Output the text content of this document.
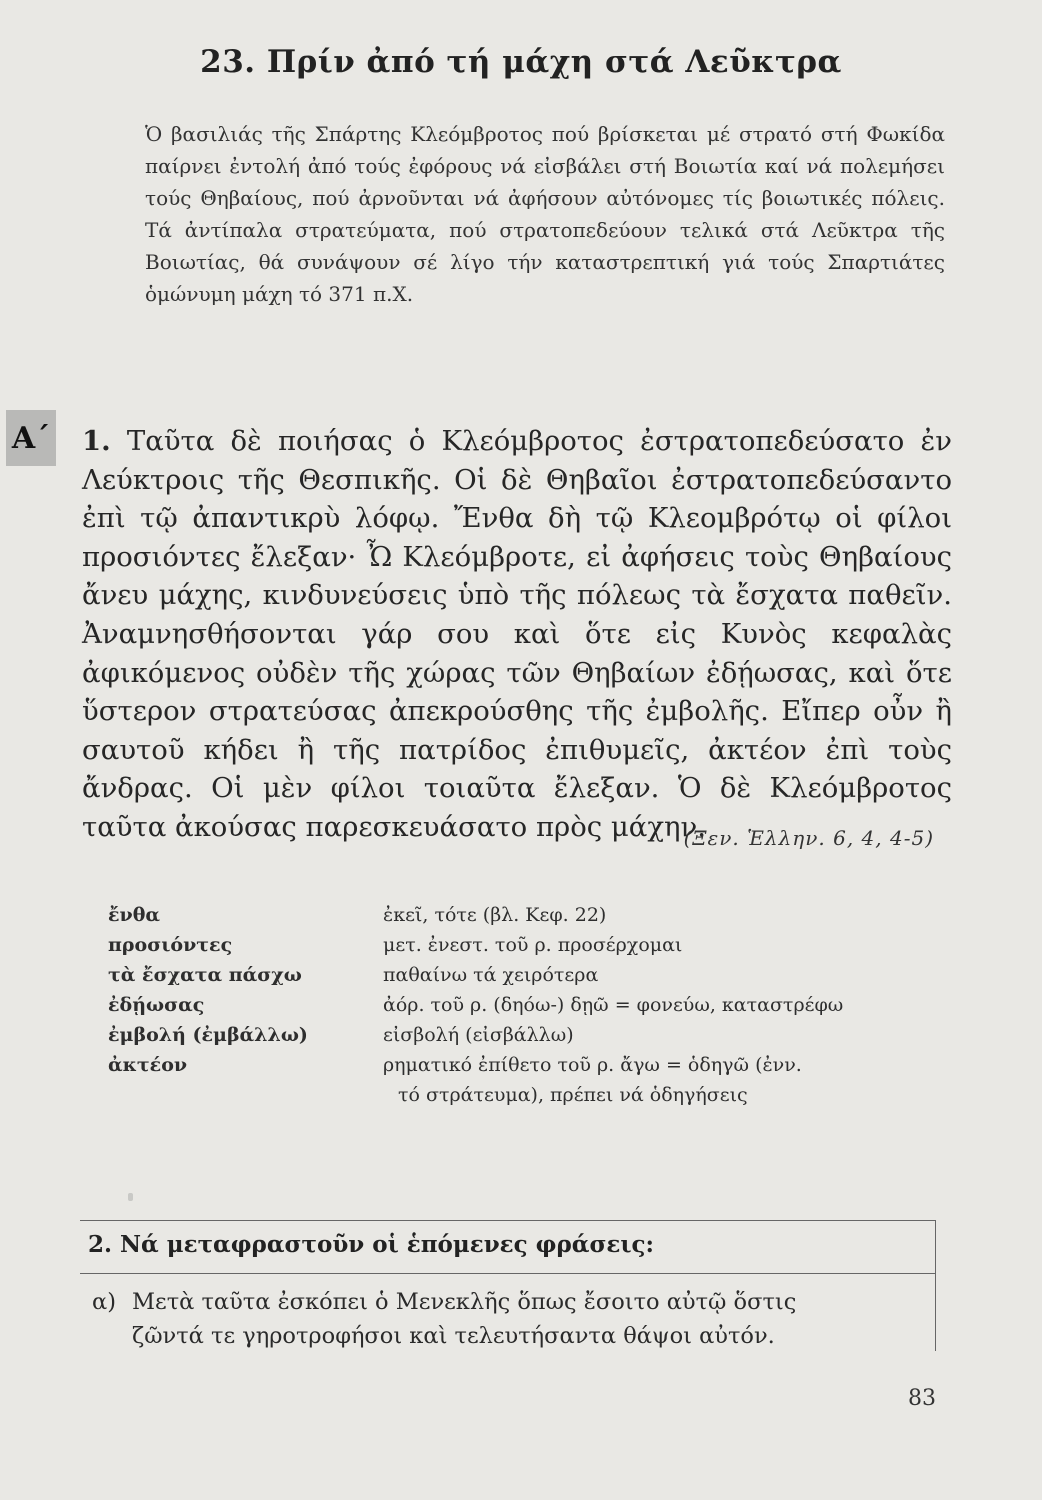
23. Πρίν ἀπό τή μάχη στά Λεῦκτρα

Ὁ βασιλιάς τῆς Σπάρτης Κλεόμβροτος πού βρίσκεται μέ στρατό στή Φωκίδα παίρνει ἐντολή ἀπό τούς ἐφόρους νά εἰσβάλει στή Βοιωτία καί νά πολεμήσει τούς Θηβαίους, πού ἀρνοῦνται νά ἀφήσουν αὐτόνομες τίς βοιωτικές πόλεις. Τά ἀντίπαλα στρατεύματα, πού στρατοπεδεύουν τελικά στά Λεῦκτρα τῆς Βοιωτίας, θά συνάψουν σέ λίγο τήν καταστρεπτική γιά τούς Σπαρτιάτες ὁμώνυμη μάχη τό 371 π.Χ.

Α΄ 1. Ταῦτα δὲ ποιήσας ὁ Κλεόμβροτος ἐστρατοπεδεύσατο ἐν Λεύκτροις τῆς Θεσπικῆς. Οἱ δὲ Θηβαῖοι ἐστρατοπεδεύσαντο ἐπὶ τῷ ἀπαντικρὺ λόφῳ. Ἔνθα δὴ τῷ Κλεομβρότῳ οἱ φίλοι προσιόντες ἔλεξαν· Ὦ Κλεόμβροτε, εἰ ἀφήσεις τοὺς Θηβαίους ἄνευ μάχης, κινδυνεύσεις ὑπὸ τῆς πόλεως τὰ ἔσχατα παθεῖν. Ἀναμνησθήσονται γάρ σου καὶ ὅτε εἰς Κυνὸς κεφαλὰς ἀφικόμενος οὐδὲν τῆς χώρας τῶν Θηβαίων ἐδῄωσας, καὶ ὅτε ὕστερον στρατεύσας ἀπεκρούσθης τῆς ἐμβολῆς. Εἴπερ οὖν ἢ σαυτοῦ κήδει ἢ τῆς πατρίδος ἐπιθυμεῖς, ἀκτέον ἐπὶ τοὺς ἄνδρας. Οἱ μὲν φίλοι τοιαῦτα ἔλεξαν. Ὁ δὲ Κλεόμβροτος ταῦτα ἀκούσας παρεσκευάσατο πρὸς μάχην.

(Ξεν. Ἑλλην. 6, 4, 4-5)
ἔνθα	ἐκεῖ, τότε (βλ. Κεφ. 22)
προσιόντες	μετ. ἐνεστ. τοῦ ρ. προσέρχομαι
τὰ ἔσχατα πάσχω	παθαίνω τά χειρότερα
ἐδῄωσας	ἀόρ. τοῦ ρ. (δηόω-) δῃῶ = φονεύω, καταστρέφω
ἐμβολή (ἐμβάλλω)	εἰσβολή (εἰσβάλλω)
ἀκτέον	ρηματικό ἐπίθετο τοῦ ρ. ἄγω = ὁδηγῶ (ἐνν.
τό στράτευμα), πρέπει νά ὁδηγήσεις
2. Νά μεταφραστοῦν οἱ ἑπόμενες φράσεις:
α) Μετὰ ταῦτα ἐσκόπει ὁ Μενεκλῆς ὅπως ἔσοιτο αὐτῷ ὅστις
ζῶντά τε γηροτροφήσοι καὶ τελευτήσαντα θάψοι αὐτόν.
83
